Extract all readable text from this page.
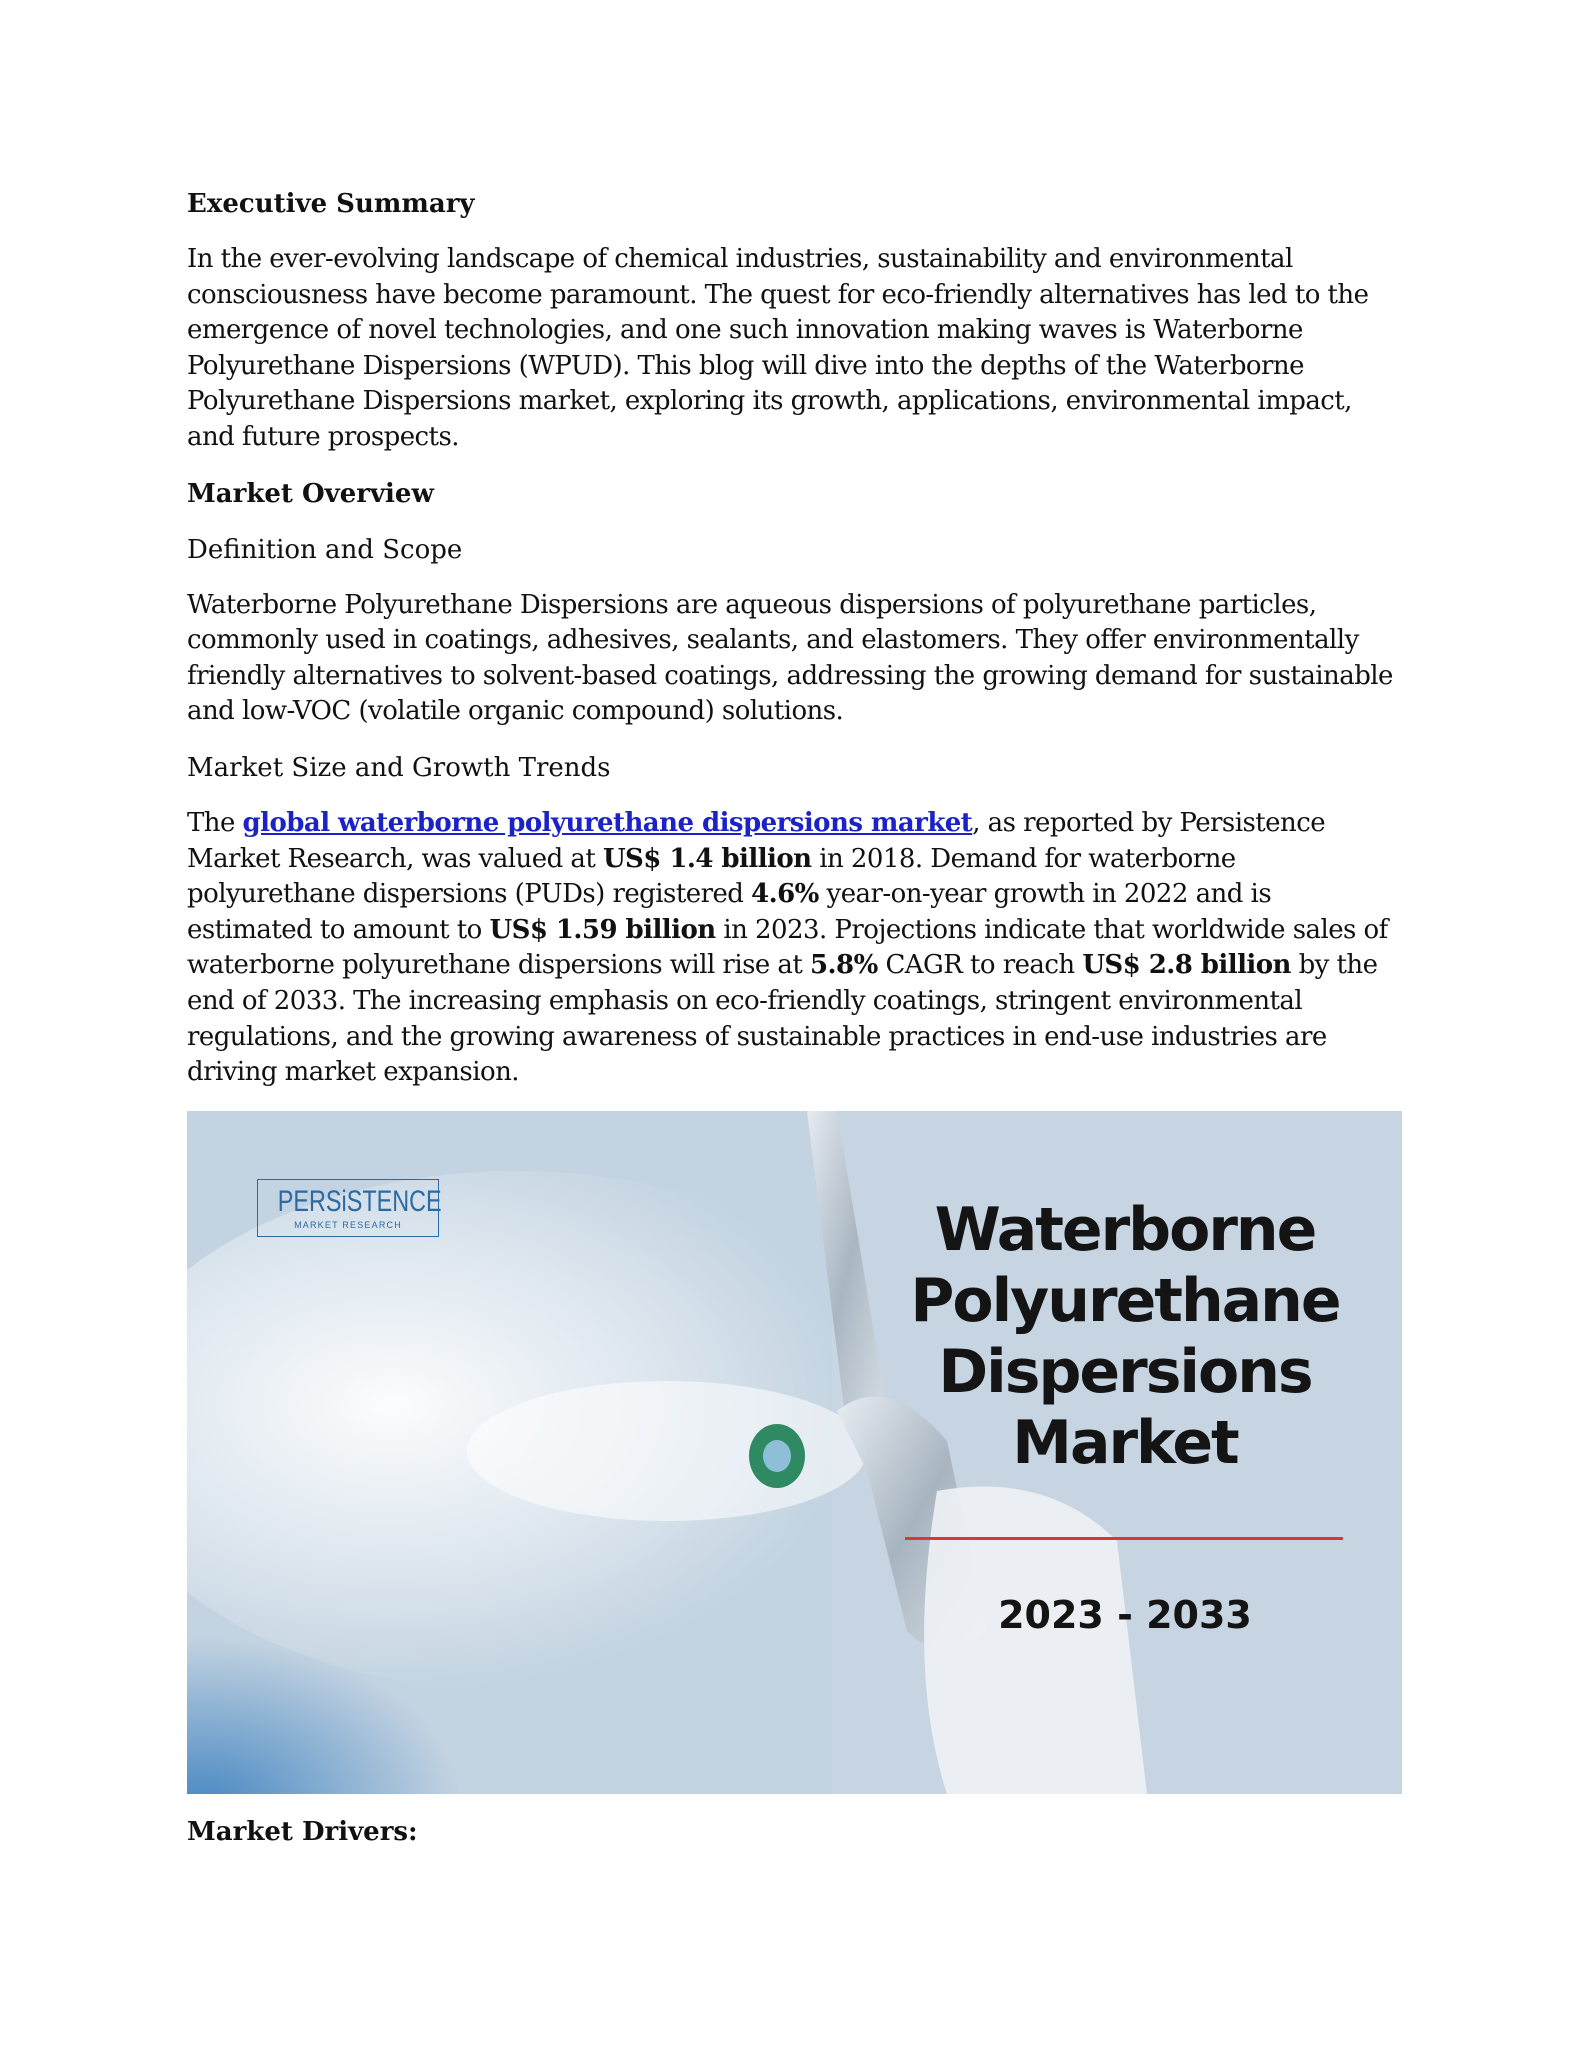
Executive Summary

In the ever-evolving landscape of chemical industries, sustainability and environmental consciousness have become paramount. The quest for eco-friendly alternatives has led to the emergence of novel technologies, and one such innovation making waves is Waterborne Polyurethane Dispersions (WPUD). This blog will dive into the depths of the Waterborne Polyurethane Dispersions market, exploring its growth, applications, environmental impact, and future prospects.

Market Overview
Definition and Scope

Waterborne Polyurethane Dispersions are aqueous dispersions of polyurethane particles, commonly used in coatings, adhesives, sealants, and elastomers. They offer environmentally friendly alternatives to solvent-based coatings, addressing the growing demand for sustainable and low-VOC (volatile organic compound) solutions.

Market Size and Growth Trends

The global waterborne polyurethane dispersions market, as reported by Persistence Market Research, was valued at US$ 1.4 billion in 2018. Demand for waterborne polyurethane dispersions (PUDs) registered 4.6% year-on-year growth in 2022 and is estimated to amount to US$ 1.59 billion in 2023. Projections indicate that worldwide sales of waterborne polyurethane dispersions will rise at 5.8% CAGR to reach US$ 2.8 billion by the end of 2033. The increasing emphasis on eco-friendly coatings, stringent environmental regulations, and the growing awareness of sustainable practices in end-use industries are driving market expansion.

PERSiSTENCE
MARKET RESEARCH	Waterborne
Polyurethane
Dispersions
Market
2023 - 2033
Market Drivers:
